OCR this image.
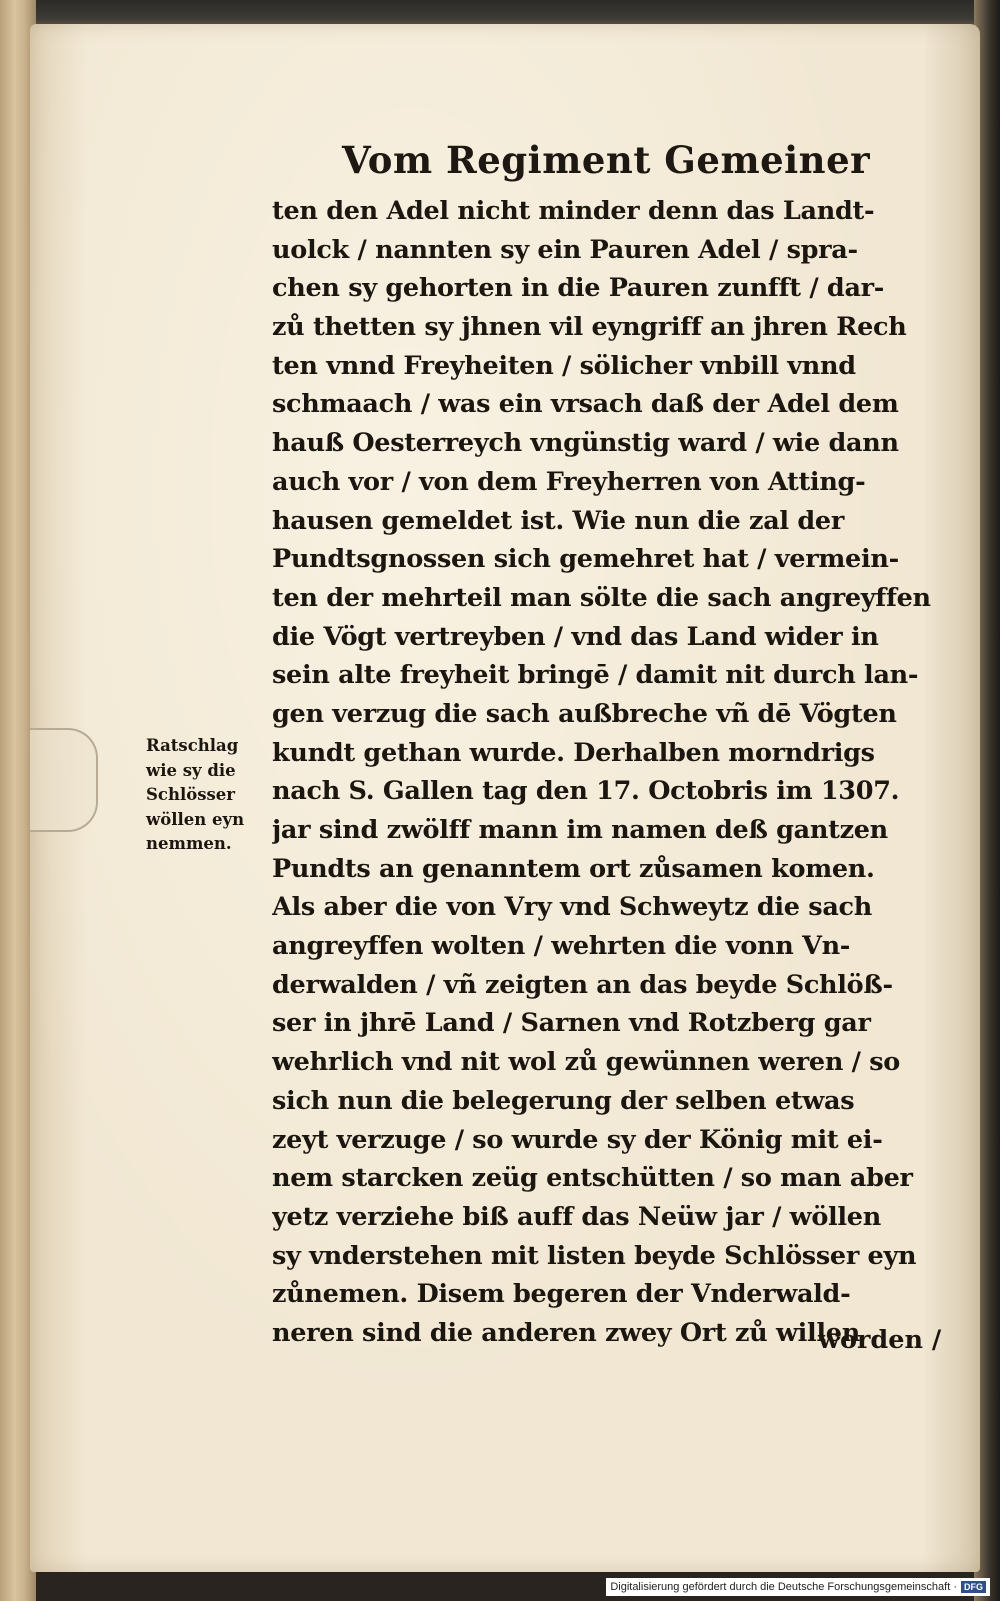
Vom Regiment Gemeiner
ten den Adel nicht minder denn das Landt-
uolck / nannten sy ein Pauren Adel / spra-
chen sy gehorten in die Pauren zunfft / dar-
zů thetten sy jhnen vil eyngriff an jhren Rech
ten vnnd Freyheiten / sölicher vnbill vnnd
schmaach / was ein vrsach daß der Adel dem
hauß Oesterreych vngünstig ward / wie dann
auch vor / von dem Freyherren von Atting-
hausen gemeldet ist. Wie nun die zal der
Pundtsgnossen sich gemehret hat / vermein-
ten der mehrteil man sölte die sach angreyffen
die Vögt vertreyben / vnd das Land wider in
sein alte freyheit bringē / damit nit durch lan-
gen verzug die sach außbreche vñ dē Vögten
kundt gethan wurde. Derhalben morndrigs
nach S. Gallen tag den 17. Octobris im 1307.
jar sind zwölff mann im namen deß gantzen
Pundts an genanntem ort zůsamen komen.
Als aber die von Vry vnd Schweytz die sach
angreyffen wolten / wehrten die vonn Vn-
derwalden / vñ zeigten an das beyde Schlöß-
ser in jhrē Land / Sarnen vnd Rotzberg gar
wehrlich vnd nit wol zů gewünnen weren / so
sich nun die belegerung der selben etwas
zeyt verzuge / so wurde sy der König mit ei-
nem starcken zeüg entschütten / so man aber
yetz verziehe biß auff das Neüw jar / wöllen
sy vnderstehen mit listen beyde Schlösser eyn
zůnemen. Disem begeren der Vnderwald-
neren sind die anderen zwey Ort zů willen
worden /
Ratschlag
wie sy die
Schlösser
wöllen eyn
nemmen.
Digitalisierung gefördert durch die Deutsche Forschungsgemeinschaft · DFG
